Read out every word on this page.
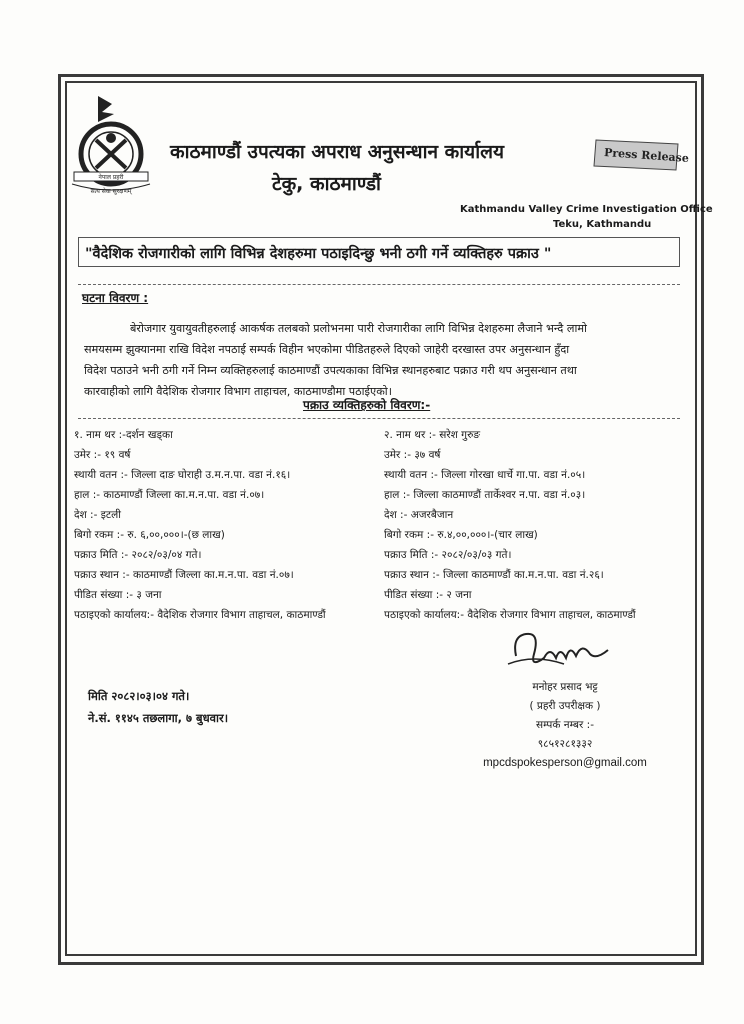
नेपाल प्रहरी
सत्य सेवा सुरक्षणम्
काठमाण्डौं उपत्यका अपराध अनुसन्धान कार्यालय
टेकु, काठमाण्डौं
Press Release
Kathmandu Valley Crime Investigation Office
Teku, Kathmandu
"वैदेशिक रोजगारीको लागि विभिन्न देशहरुमा पठाइदिन्छु भनी ठगी गर्ने व्यक्तिहरु पक्राउ "
घटना विवरण :
बेरोजगार युवायुवतीहरुलाई आकर्षक तलबको प्रलोभनमा पारी रोजगारीका लागि विभिन्न देशहरुमा लैजाने भन्दै लामो
समयसम्म झुक्यानमा राखि विदेश नपठाई सम्पर्क विहीन भएकोमा पीडितहरुले दिएको जाहेरी दरखास्त उपर अनुसन्धान हुँदा
विदेश पठाउने भनी ठगी गर्ने निम्न व्यक्तिहरुलाई काठमाण्डौं उपत्यकाका विभिन्न स्थानहरुबाट पक्राउ गरी थप अनुसन्धान तथा
कारवाहीको लागि वैदेशिक रोजगार विभाग ताहाचल, काठमाण्डौमा पठाईएको।
पक्राउ व्यक्तिहरुको विवरण:-
१. नाम थर :-दर्शन खड्का
उमेर :- १९ वर्ष
स्थायी वतन :- जिल्ला दाङ घोराही उ.म.न.पा. वडा नं.१६।
हाल :- काठमाण्डौं जिल्ला का.म.न.पा. वडा नं.०७।
देश :- इटली
बिगो रकम :- रु. ६,००,०००।-(छ लाख)
पक्राउ मिति :- २०८२/०३/०४ गते।
पक्राउ स्थान :- काठमाण्डौं जिल्ला का.म.न.पा. वडा नं.०७।
पीडित संख्या :- ३ जना
पठाइएको कार्यालय:- वैदेशिक रोजगार विभाग ताहाचल, काठमाण्डौं
२. नाम थर :- सरेश गुरुङ
उमेर :- ३७ वर्ष
स्थायी वतन :- जिल्ला गोरखा धार्चे गा.पा. वडा नं.०५।
हाल :- जिल्ला काठमाण्डौं तार्केश्वर न.पा. वडा नं.०३।
देश :- अजरबैजान
बिगो रकम :- रु.४,००,०००।-(चार लाख)
पक्राउ मिति :- २०८२/०३/०३ गते।
पक्राउ स्थान :- जिल्ला काठमाण्डौं का.म.न.पा. वडा नं.२६।
पीडित संख्या :- २ जना
पठाइएको कार्यालय:- वैदेशिक रोजगार विभाग ताहाचल, काठमाण्डौं
मनोहर प्रसाद भट्ट
( प्रहरी उपरीक्षक )
सम्पर्क नम्बर :-
९८५१२८१३३२
mpcdspokesperson@gmail.com
मिति २०८२।०३।०४ गते।
ने.सं. ११४५ तछलागा, ७ बुधवार।
